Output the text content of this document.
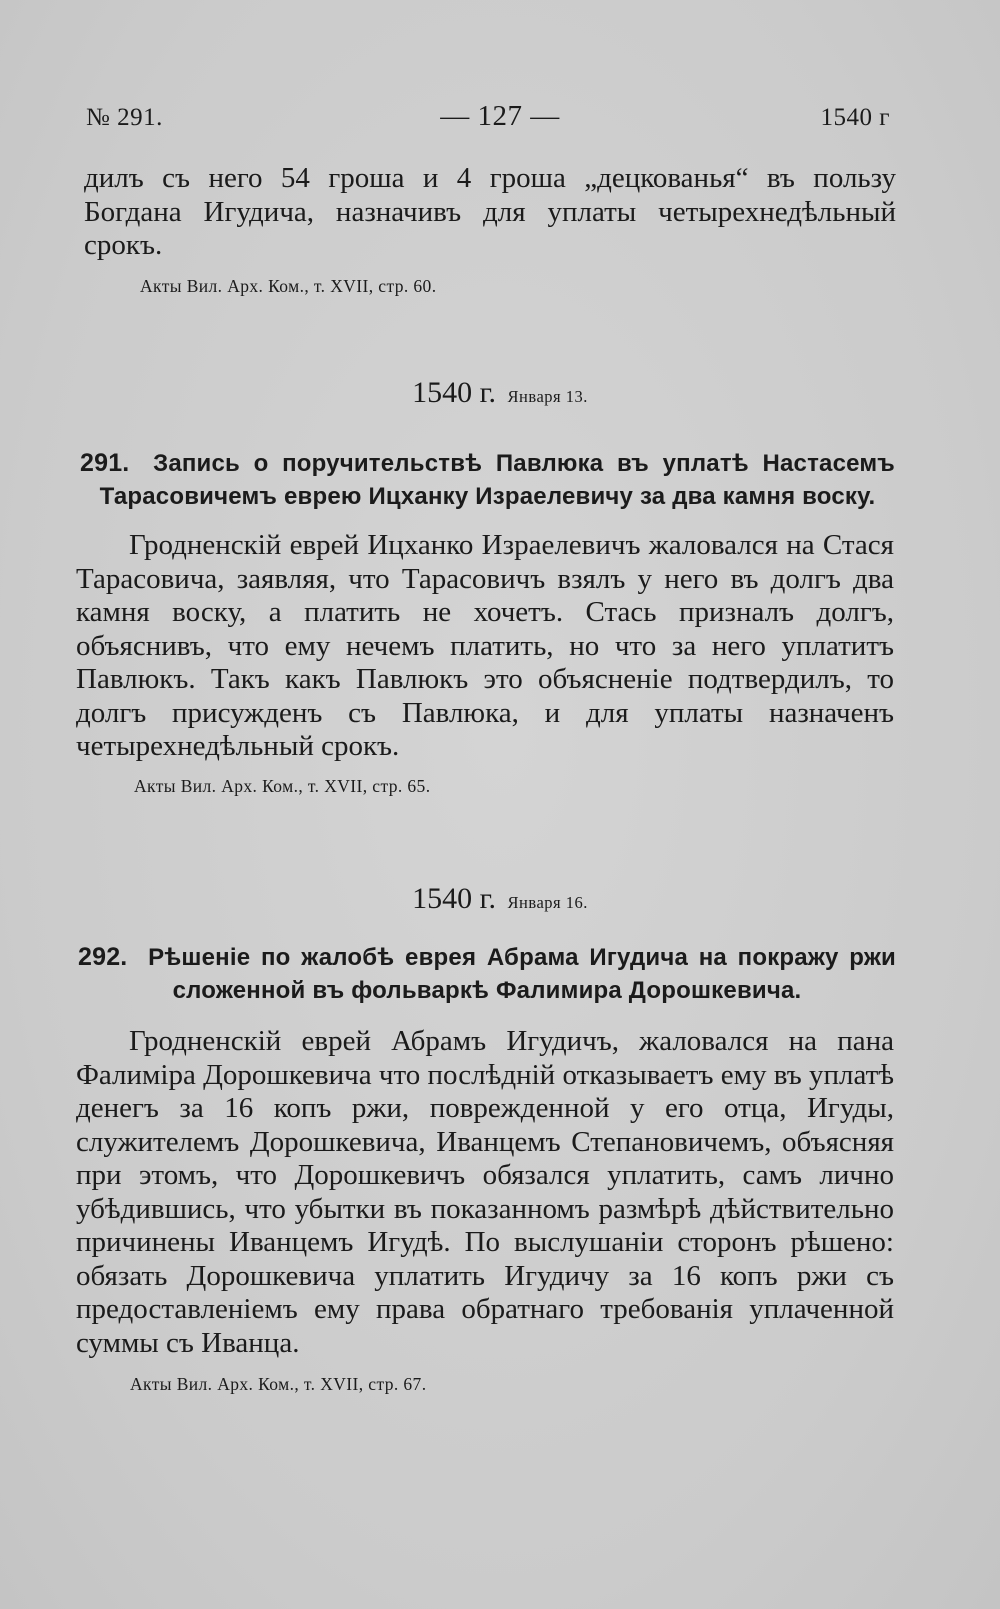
№ 291.	— 127 —	1540 г
дилъ съ него 54 гроша и 4 гроша „децкованья“ въ пользу Богдана Игудича, назначивъ для уплаты четырехнедѣльный срокъ.
Акты Вил. Арх. Ком., т. XVII, стр. 60.
1540 г. Января 13.
291. Запись о поручительствѣ Павлюка въ уплатѣ Настасемъ Тарасовичемъ еврею Ицханку Израелевичу за два камня воску.
Гродненскій еврей Ицханко Израелевичъ жаловался на Стася Тарасовича, заявляя, что Тарасовичъ взялъ у него въ долгъ два камня воску, а платить не хочетъ. Стась призналъ долгъ, объяснивъ, что ему нечемъ платить, но что за него уплатитъ Павлюкъ. Такъ какъ Павлюкъ это объясненіе подтвердилъ, то долгъ присужденъ съ Павлюка, и для уплаты назначенъ четырехнедѣльный срокъ.
Акты Вил. Арх. Ком., т. XVII, стр. 65.
1540 г. Января 16.
292. Рѣшеніе по жалобѣ еврея Абрама Игудича на покражу ржи сложенной въ фольваркѣ Фалимира Дорошкевича.
Гродненскій еврей Абрамъ Игудичъ, жаловался на пана Фалиміра Дорошкевича что послѣдній отказываетъ ему въ уплатѣ денегъ за 16 копъ ржи, поврежденной у его отца, Игуды, служителемъ Дорошкевича, Иванцемъ Степановичемъ, объясняя при этомъ, что Дорошкевичъ обязался уплатить, самъ лично убѣдившись, что убытки въ показанномъ размѣрѣ дѣйствительно причинены Иванцемъ Игудѣ. По выслушаніи сторонъ рѣшено: обязать Дорошкевича уплатить Игудичу за 16 копъ ржи съ предоставленіемъ ему права обратнаго требованія уплаченной суммы съ Иванца.
Акты Вил. Арх. Ком., т. XVII, стр. 67.
